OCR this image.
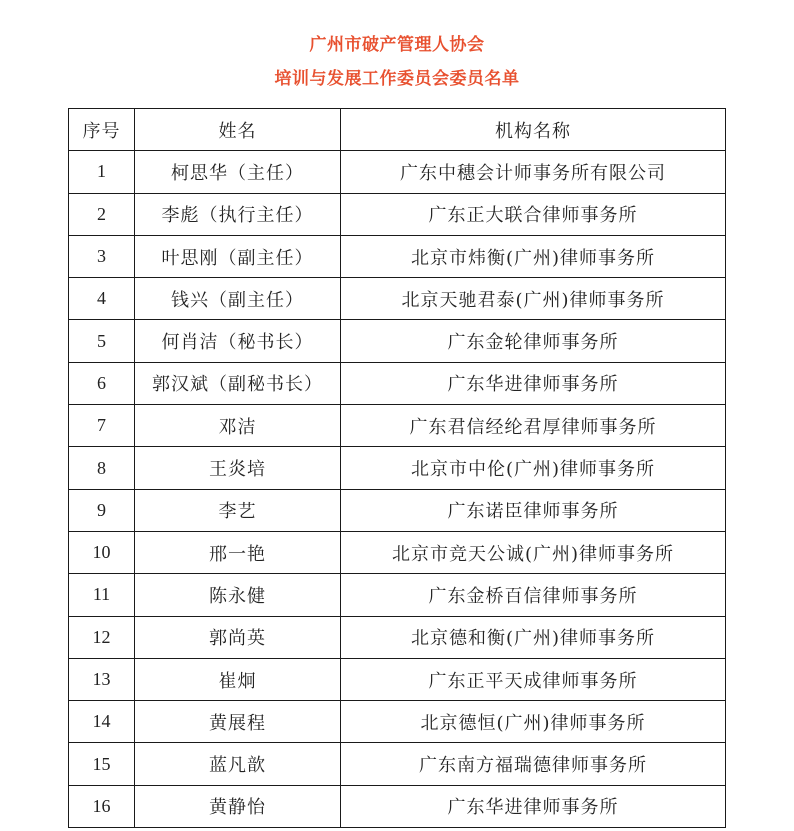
广州市破产管理人协会
培训与发展工作委员会委员名单
序号	姓名	机构名称
1	柯思华（主任）	广东中穗会计师事务所有限公司
2	李彪（执行主任）	广东正大联合律师事务所
3	叶思刚（副主任）	北京市炜衡(广州)律师事务所
4	钱兴（副主任）	北京天驰君泰(广州)律师事务所
5	何肖洁（秘书长）	广东金轮律师事务所
6	郭汉斌（副秘书长）	广东华进律师事务所
7	邓洁	广东君信经纶君厚律师事务所
8	王炎培	北京市中伦(广州)律师事务所
9	李艺	广东诺臣律师事务所
10	邢一艳	北京市竞天公诚(广州)律师事务所
11	陈永健	广东金桥百信律师事务所
12	郭尚英	北京德和衡(广州)律师事务所
13	崔炯	广东正平天成律师事务所
14	黄展程	北京德恒(广州)律师事务所
15	蓝凡歆	广东南方福瑞德律师事务所
16	黄静怡	广东华进律师事务所
